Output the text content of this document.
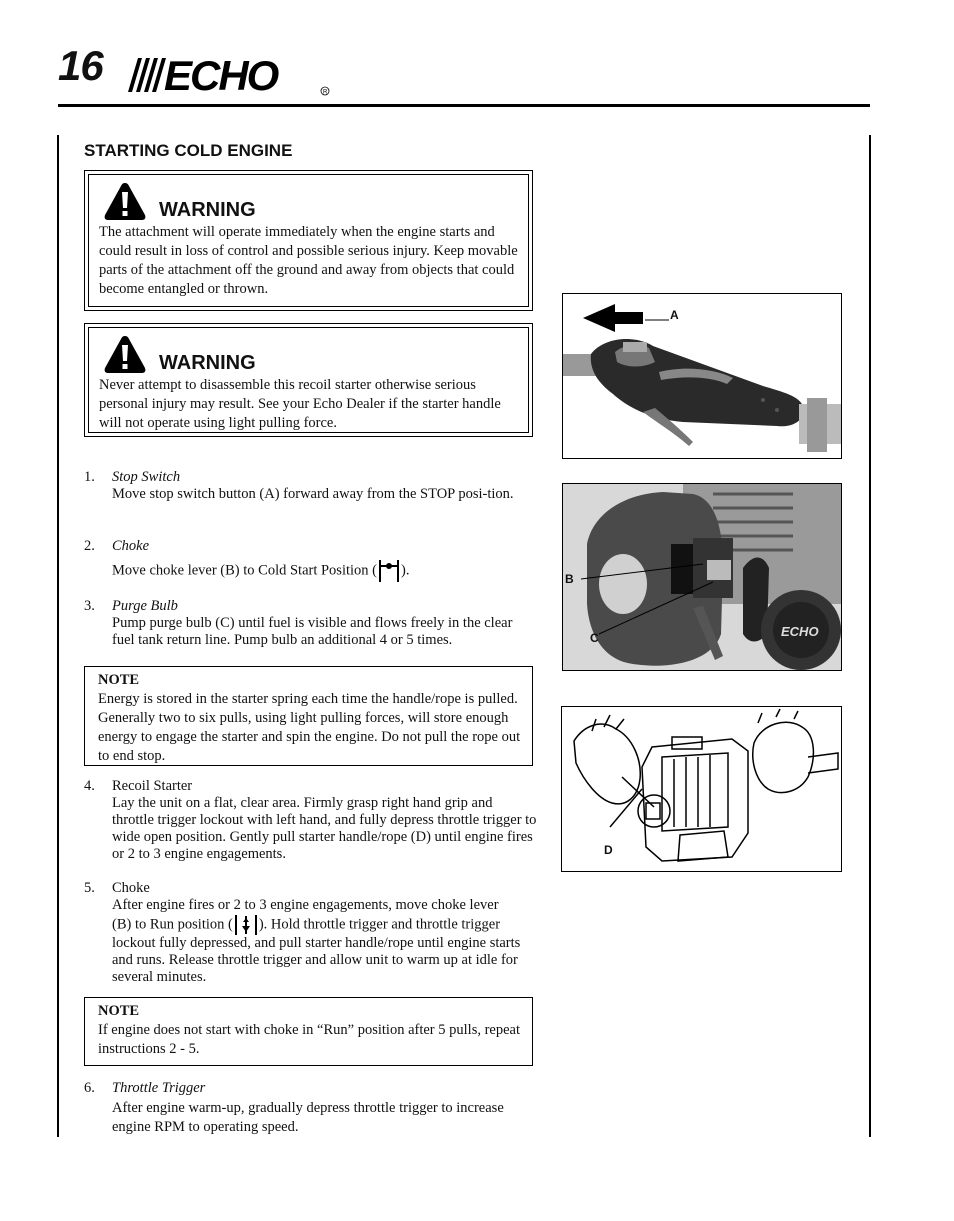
16 ECHO	R
STARTING COLD ENGINE
WARNING
The attachment will operate immediately when the engine starts and could result in loss of control and possible serious injury. Keep movable parts of the attachment off the ground and away from objects that could become entangled or thrown.
WARNING
Never attempt to disassemble this recoil starter otherwise serious personal injury may result. See your Echo Dealer if the starter handle will not operate using light pulling force.
1. Stop Switch
Move stop switch button (A) forward away from the STOP posi-tion.
2. Choke
Move choke lever (B) to Cold Start Position ( ).
3. Purge Bulb
Pump purge bulb (C) until fuel is visible and flows freely in the clear fuel tank return line. Pump bulb an additional 4 or 5 times.
NOTE
Energy is stored in the starter spring each time the handle/rope is pulled. Generally two to six pulls, using light pulling forces, will store enough energy to engage the starter and spin the engine. Do not pull the rope out to end stop.
4. Recoil Starter
Lay the unit on a flat, clear area. Firmly grasp right hand grip and throttle trigger lockout with left hand, and fully depress throttle trigger to wide open position. Gently pull starter handle/rope (D) until engine fires or 2 to 3 engine engagements.
5. Choke
After engine fires or 2 to 3 engine engagements, move choke lever
(B) to Run position ( ). Hold throttle trigger and throttle trigger
lockout fully depressed, and pull starter handle/rope until engine starts and runs. Release throttle trigger and allow unit to warm up at idle for several minutes.
NOTE
If engine does not start with choke in “Run” position after 5 pulls, repeat instructions 2 - 5.
6. Throttle Trigger
After engine warm-up, gradually depress throttle trigger to increase engine RPM to operating speed.
A
ECHO
B
C
D
